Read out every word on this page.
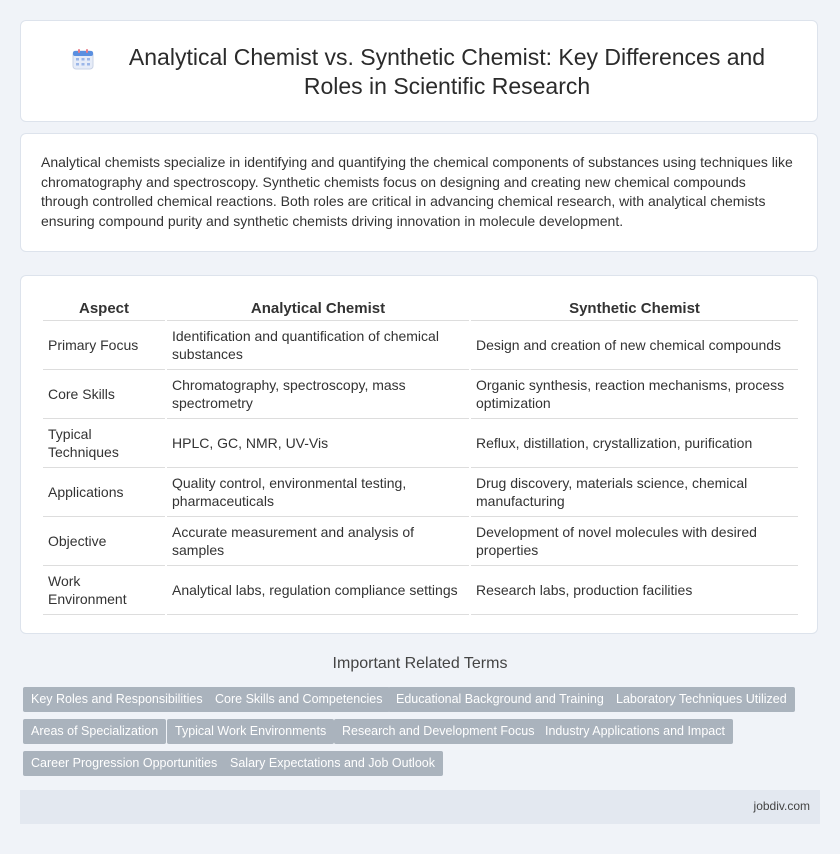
Analytical Chemist vs. Synthetic Chemist: Key Differences and Roles in Scientific Research

Analytical chemists specialize in identifying and quantifying the chemical components of substances using techniques like chromatography and spectroscopy. Synthetic chemists focus on designing and creating new chemical compounds through controlled chemical reactions. Both roles are critical in advancing chemical research, with analytical chemists ensuring compound purity and synthetic chemists driving innovation in molecule development.

Aspect	Analytical Chemist	Synthetic Chemist
Primary Focus	Identification and quantification of chemical substances	Design and creation of new chemical compounds
Core Skills	Chromatography, spectroscopy, mass spectrometry	Organic synthesis, reaction mechanisms, process optimization
Typical Techniques	HPLC, GC, NMR, UV-Vis	Reflux, distillation, crystallization, purification
Applications	Quality control, environmental testing, pharmaceuticals	Drug discovery, materials science, chemical manufacturing
Objective	Accurate measurement and analysis of samples	Development of novel molecules with desired properties
Work Environment	Analytical labs, regulation compliance settings	Research labs, production facilities
Important Related Terms
Key Roles and Responsibilities Core Skills and Competencies	Educational Background and Training Laboratory Techniques Utilized
Areas of Specialization	Typical Work Environments	Research and Development Focus Industry Applications and Impact
Career Progression Opportunities	Salary Expectations and Job Outlook
jobdiv.com
